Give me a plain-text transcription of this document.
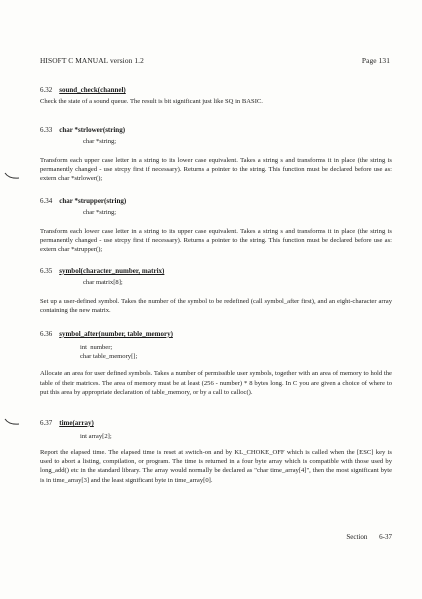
HISOFT C MANUAL version 1.2	Page 131
6.32 sound_check(channel)
Check the state of a sound queue. The result is bit significant just like SQ in BASIC.
6.33 char *strlower(string)
char *string;
Transform each upper case letter in a string to its lower case equivalent. Takes a string s and transforms it in place (the string is permanently changed - use strcpy first if necessary). Returns a pointer to the string. This function must be declared before use as: extern char *strlower();
6.34 char *strupper(string)
char *string;
Transform each lower case letter in a string to its upper case equivalent. Takes a string s and transforms it in place (the string is permanently changed - use strcpy first if necessary). Returns a pointer to the string. This function must be declared before use as: extern char *strupper();
6.35 symbol(character_number, matrix)
char matrix[8];
Set up a user-defined symbol. Takes the number of the symbol to be redefined (call symbol_after first), and an eight-character array containing the new matrix.
6.36 symbol_after(number, table_memory)
int  number;
char table_memory[];
Allocate an area for user defined symbols. Takes a number of permissible user symbols, together with an area of memory to hold the table of their matrices. The area of memory must be at least (256 - number) * 8 bytes long. In C you are given a choice of where to put this area by appropriate declaration of table_memory, or by a call to calloc().
6.37 time(array)
int array[2];
Report the elapsed time. The elapsed time is reset at switch-on and by KL_CHOKE_OFF which is called when the [ESC] key is used to abort a listing, compilation, or program. The time is returned in a four byte array which is compatible with those used by long_add() etc in the standard library. The array would normally be declared as "char time_array[4]", then the most significant byte is in time_array[3] and the least significant byte in time_array[0].
Section 6-37
